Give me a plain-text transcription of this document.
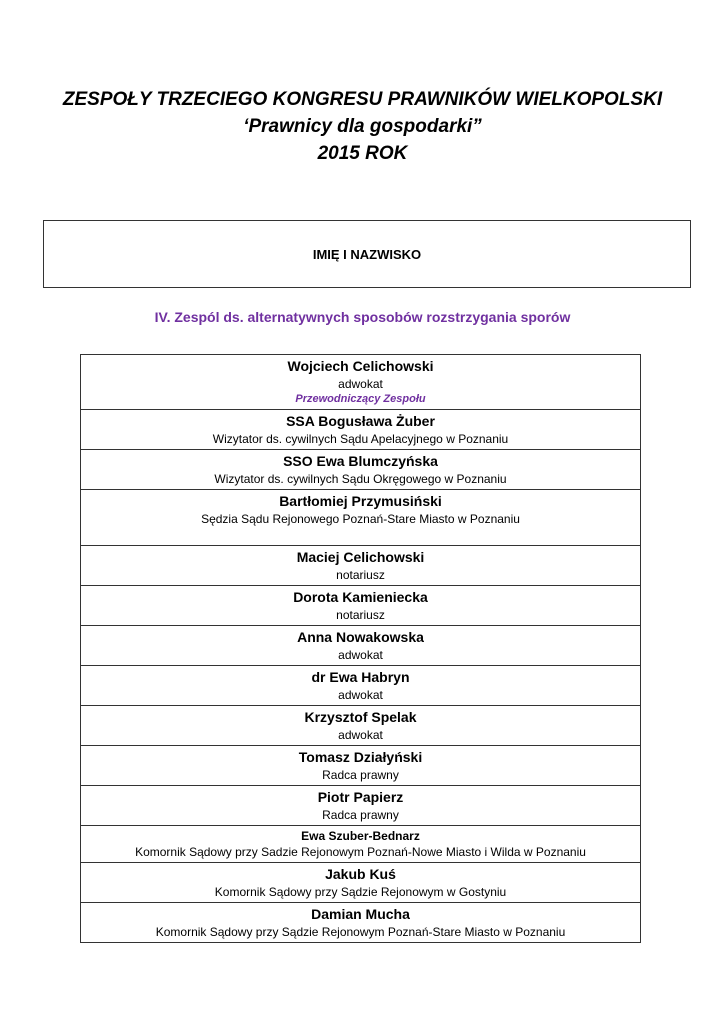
ZESPOŁY TRZECIEGO KONGRESU PRAWNIKÓW WIELKOPOLSKI
‘Prawnicy dla gospodarki”
2015 ROK
IMIĘ I NAZWISKO
IV. Zespól ds. alternatywnych sposobów rozstrzygania sporów
Wojciech Celichowski
adwokat
Przewodniczący Zespołu

SSA Bogusława Żuber
Wizytator ds. cywilnych Sądu Apelacyjnego w Poznaniu

SSO Ewa Blumczyńska
Wizytator ds. cywilnych Sądu Okręgowego w Poznaniu

Bartłomiej Przymusiński
Sędzia Sądu Rejonowego Poznań-Stare Miasto w Poznaniu

Maciej Celichowski
notariusz

Dorota Kamieniecka
notariusz

Anna Nowakowska
adwokat

dr Ewa Habryn
adwokat

Krzysztof Spelak
adwokat

Tomasz Działyński
Radca prawny

Piotr Papierz
Radca prawny

Ewa Szuber-Bednarz
Komornik Sądowy przy Sadzie Rejonowym Poznań-Nowe Miasto i Wilda w Poznaniu

Jakub Kuś
Komornik Sądowy przy Sądzie Rejonowym w Gostyniu

Damian Mucha
Komornik Sądowy przy Sądzie Rejonowym Poznań-Stare Miasto w Poznaniu
